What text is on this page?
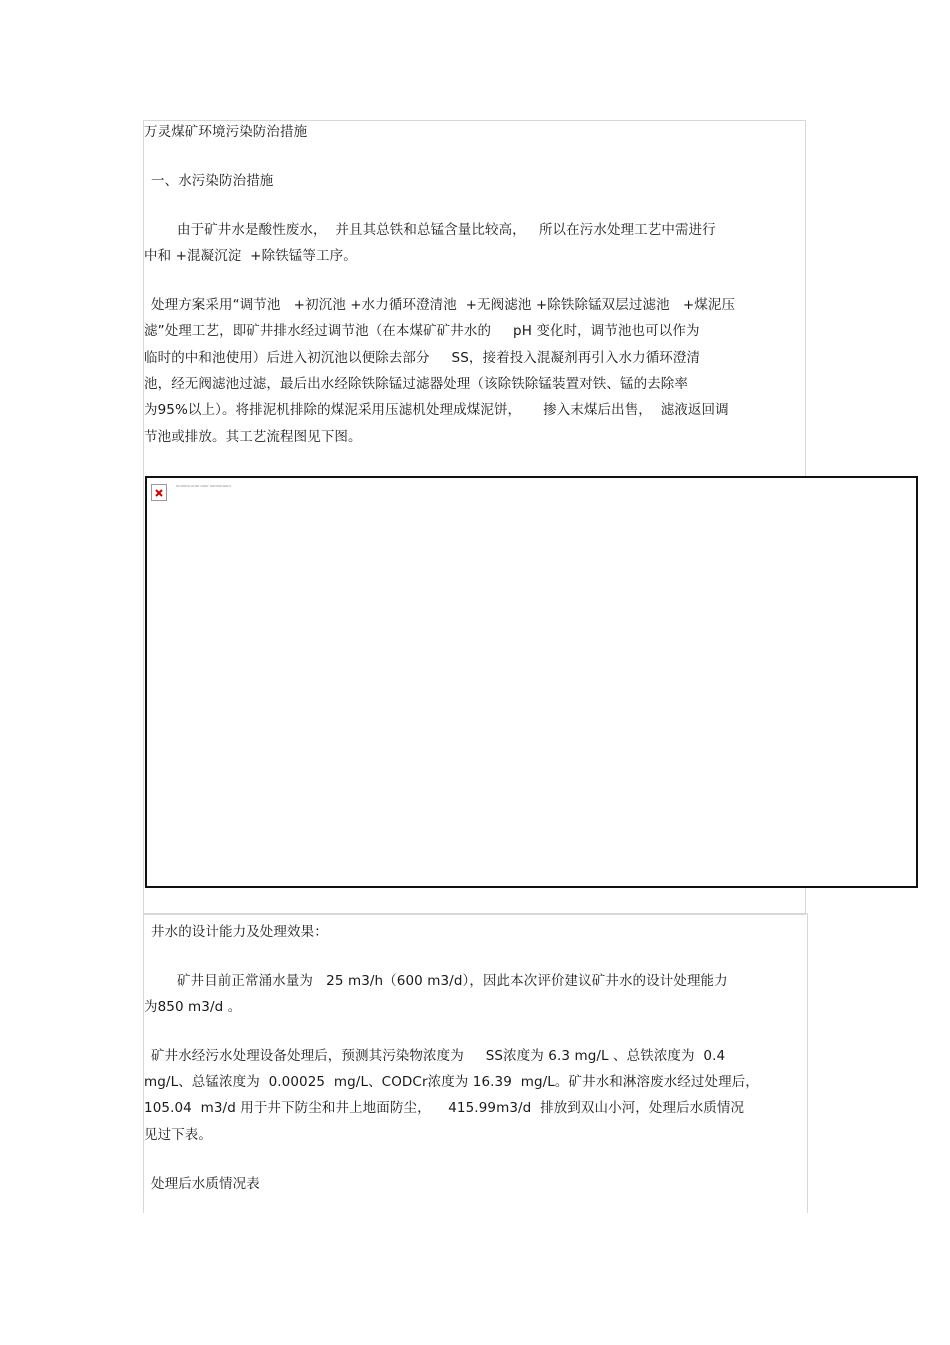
万灵煤矿环境污染防治措施
一、水污染防治措施
由于矿井水是酸性废水，  并且其总铁和总锰含量比较高，   所以在污水处理工艺中需进行
中和 +混凝沉淀  +除铁锰等工序。
处理方案采用“调节池   +初沉池 +水力循环澄清池  +无阀滤池 +除铁除锰双层过滤池   +煤泥压
滤”处理工艺，即矿井排水经过调节池（在本煤矿矿井水的     pH 变化时，调节池也可以作为
临时的中和池使用）后进入初沉池以便除去部分     SS，接着投入混凝剂再引入水力循环澄清
池，经无阀滤池过滤，最后出水经除铁除锰过滤器处理（该除铁除锰装置对铁、锰的去除率
为95%以上）。将排泥机排除的煤泥采用压滤机处理成煤泥饼，     掺入末煤后出售，  滤液返回调
节池或排放。其工艺流程图见下图。
rrrrrrrrrrrr rrrrrrr rrrrrrr rrrrrrrrrrrrrrrrrr
井水的设计能力及处理效果：
矿井目前正常涌水量为   25 m3/h（600 m3/d），因此本次评价建议矿井水的设计处理能力
为850 m3/d 。
矿井水经污水处理设备处理后，预测其污染物浓度为     SS浓度为 6.3 mg/L 、总铁浓度为  0.4
mg/L、总锰浓度为  0.00025  mg/L、CODCr浓度为 16.39  mg/L。矿井水和淋溶废水经过处理后，
105.04  m3/d 用于井下防尘和井上地面防尘，    415.99m3/d  排放到双山小河，处理后水质情况
见过下表。
处理后水质情况表
